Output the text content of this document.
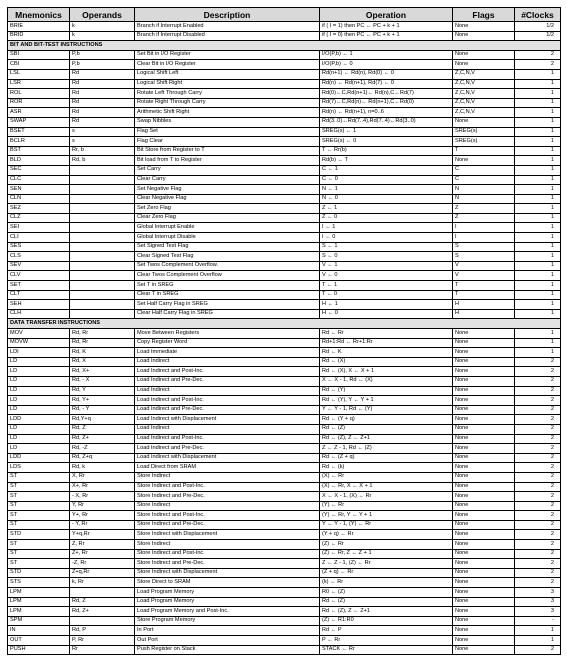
Mnemonics	Operands	Description	Operation	Flags	#Clocks
BRIE	k	Branch if Interrupt Enabled	if ( I = 1) then PC ← PC + k + 1	None	1/2
BRID	k	Branch if Interrupt Disabled	if ( I = 0) then PC ← PC + k + 1	None	1/2
BIT AND BIT-TEST INSTRUCTIONS					
SBI	P,b	Set Bit in I/O Register	I/O(P,b) ← 1	None	2
CBI	P,b	Clear Bit in I/O Register	I/O(P,b) ← 0	None	2
LSL	Rd	Logical Shift Left	Rd(n+1) ← Rd(n), Rd(0) ← 0	Z,C,N,V	1
LSR	Rd	Logical Shift Right	Rd(n) ← Rd(n+1), Rd(7) ← 0	Z,C,N,V	1
ROL	Rd	Rotate Left Through Carry	Rd(0)←C,Rd(n+1)← Rd(n),C←Rd(7)	Z,C,N,V	1
ROR	Rd	Rotate Right Through Carry	Rd(7)←C,Rd(n)← Rd(n+1),C←Rd(0)	Z,C,N,V	1
ASR	Rd	Arithmetic Shift Right	Rd(n) ← Rd(n+1), n=0..6	Z,C,N,V	1
SWAP	Rd	Swap Nibbles	Rd(3..0)←Rd(7..4),Rd(7..4)←Rd(3..0)	None	1
BSET	s	Flag Set	SREG(s) ← 1	SREG(s)	1
BCLR	s	Flag Clear	SREG(s) ← 0	SREG(s)	1
BST	Rr, b	Bit Store from Register to T	T ← Rr(b)	T	1
BLD	Rd, b	Bit load from T to Register	Rd(b) ← T	None	1
SEC		Set Carry	C ← 1	C	1
CLC		Clear Carry	C ← 0	C	1
SEN		Set Negative Flag	N ← 1	N	1
CLN		Clear Negative Flag	N ← 0	N	1
SEZ		Set Zero Flag	Z ← 1	Z	1
CLZ		Clear Zero Flag	Z ← 0	Z	1
SEI		Global Interrupt Enable	I ← 1	I	1
CLI		Global Interrupt Disable	I ← 0	I	1
SES		Set Signed Test Flag	S ← 1	S	1
CLS		Clear Signed Test Flag	S ← 0	S	1
SEV		Set Twos Complement Overflow.	V ← 1	V	1
CLV		Clear Twos Complement Overflow	V ← 0	V	1
SET		Set T in SREG	T ← 1	T	1
CLT		Clear T in SREG	T ← 0	T	1
SEH		Set Half Carry Flag in SREG	H ← 1	H	1
CLH		Clear Half Carry Flag in SREG	H ← 0	H	1
DATA TRANSFER INSTRUCTIONS					
MOV	Rd, Rr	Move Between Registers	Rd ← Rr	None	1
MOVW	Rd, Rr	Copy Register Word	Rd+1:Rd ← Rr+1:Rr	None	1
LDI	Rd, K	Load Immediate	Rd ← K	None	1
LD	Rd, X	Load Indirect	Rd ← (X)	None	2
LD	Rd, X+	Load Indirect and Post-Inc.	Rd ← (X), X ← X + 1	None	2
LD	Rd, - X	Load Indirect and Pre-Dec.	X ← X - 1, Rd ← (X)	None	2
LD	Rd, Y	Load Indirect	Rd ← (Y)	None	2
LD	Rd, Y+	Load Indirect and Post-Inc.	Rd ← (Y), Y ← Y + 1	None	2
LD	Rd, - Y	Load Indirect and Pre-Dec.	Y ← Y - 1, Rd ← (Y)	None	2
LDD	Rd,Y+q	Load Indirect with Displacement	Rd ← (Y + q)	None	2
LD	Rd, Z	Load Indirect	Rd ← (Z)	None	2
LD	Rd, Z+	Load Indirect and Post-Inc.	Rd ← (Z), Z ← Z+1	None	2
LD	Rd, -Z	Load Indirect and Pre-Dec.	Z ← Z - 1, Rd ← (Z)	None	2
LDD	Rd, Z+q	Load Indirect with Displacement	Rd ← (Z + q)	None	2
LDS	Rd, k	Load Direct from SRAM	Rd ← (k)	None	2
ST	X, Rr	Store Indirect	(X) ← Rr	None	2
ST	X+, Rr	Store Indirect and Post-Inc.	(X) ← Rr, X ← X + 1	None	2
ST	- X, Rr	Store Indirect and Pre-Dec.	X ← X - 1, (X) ← Rr	None	2
ST	Y, Rr	Store Indirect	(Y) ← Rr	None	2
ST	Y+, Rr	Store Indirect and Post-Inc.	(Y) ← Rr, Y ← Y + 1	None	2
ST	- Y, Rr	Store Indirect and Pre-Dec.	Y ← Y - 1, (Y) ← Rr	None	2
STD	Y+q,Rr	Store Indirect with Displacement	(Y + q) ← Rr	None	2
ST	Z, Rr	Store Indirect	(Z) ← Rr	None	2
ST	Z+, Rr	Store Indirect and Post-Inc.	(Z) ← Rr, Z ← Z + 1	None	2
ST	-Z, Rr	Store Indirect and Pre-Dec.	Z ← Z - 1, (Z) ← Rr	None	2
STD	Z+q,Rr	Store Indirect with Displacement	(Z + q) ← Rr	None	2
STS	k, Rr	Store Direct to SRAM	(k) ← Rr	None	2
LPM		Load Program Memory	R0 ← (Z)	None	3
LPM	Rd, Z	Load Program Memory	Rd ← (Z)	None	3
LPM	Rd, Z+	Load Program Memory and Post-Inc.	Rd ← (Z), Z ← Z+1	None	3
SPM		Store Program Memory	(Z) ← R1:R0	None	-
IN	Rd, P	In Port	Rd ← P	None	1
OUT	P, Rr	Out Port	P ← Rr	None	1
PUSH	Rr	Push Register on Stack	STACK ← Rr	None	2
